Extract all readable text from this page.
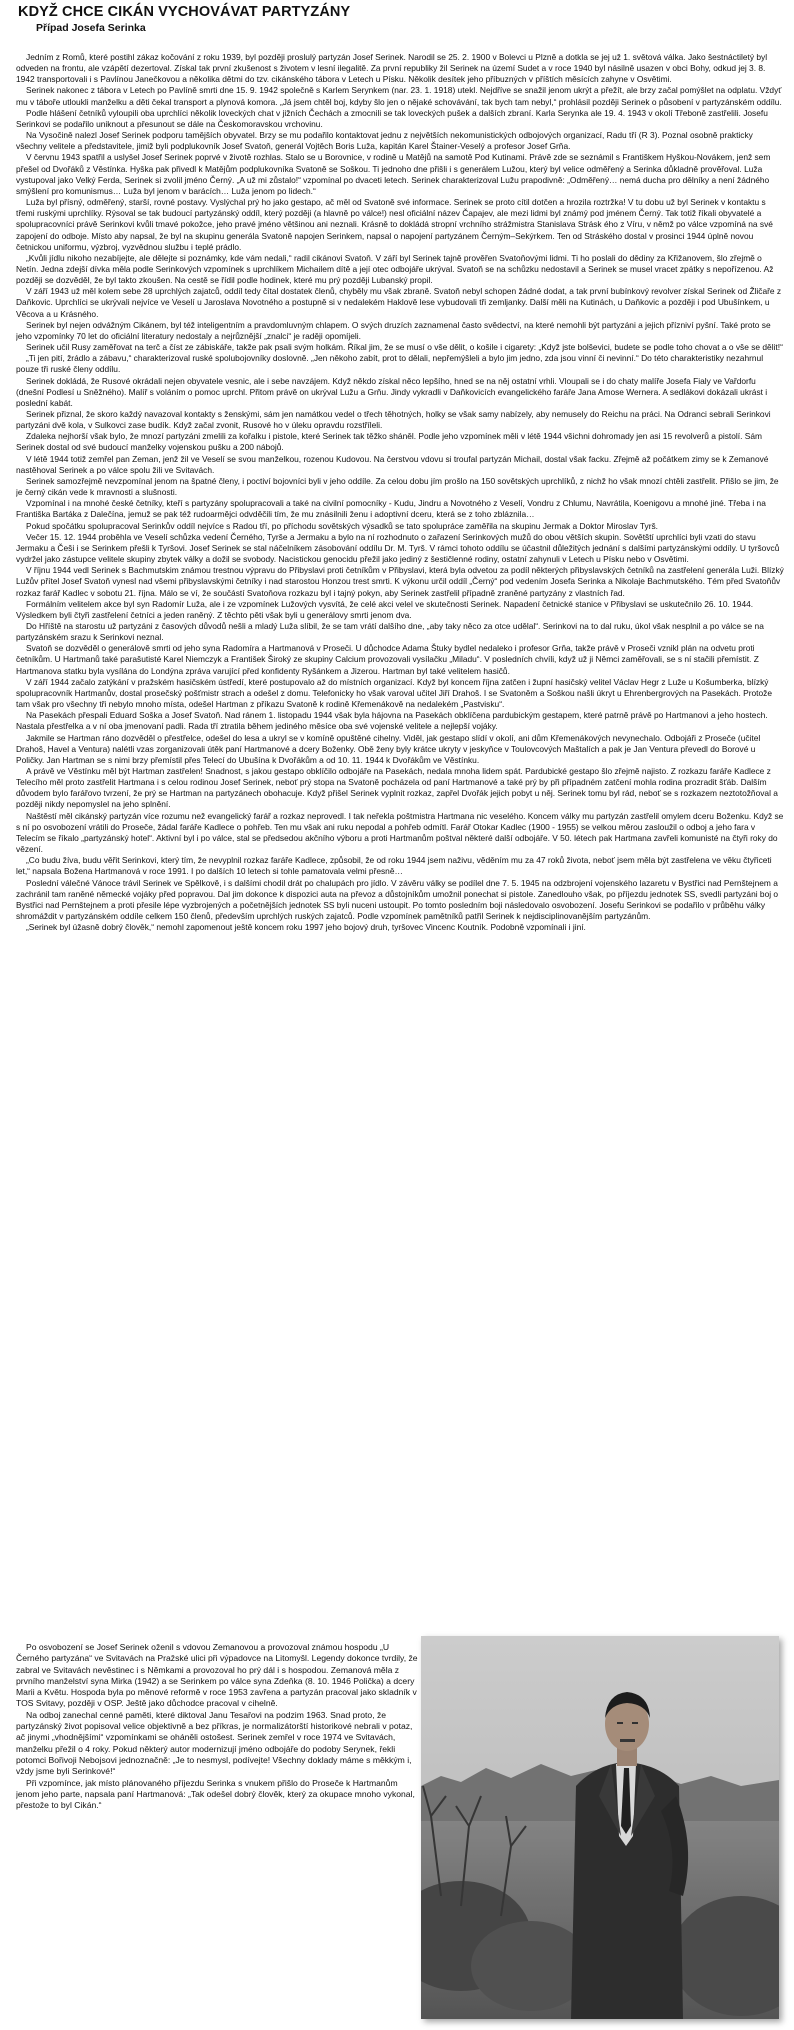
KDYŽ CHCE CIKÁN VYCHOVÁVAT PARTYZÁNY
Případ Josefa Serinka

Jedním z Romů, které postihl zákaz kočování z roku 1939, byl později proslulý partyzán Josef Serinek. Narodil se 25. 2. 1900 v Bolevci u Plzně a dotkla se jej už 1. světová válka. Jako šestnáctiletý byl odveden na frontu, ale vzápětí dezertoval. Získal tak první zkušenost s životem v lesní ilegalitě. Za první republiky žil Serinek na území Sudet a v roce 1940 byl násilně usazen v obci Bohy, odkud jej 3. 8. 1942 transportovali i s Pavlínou Janečkovou a několika dětmi do tzv. cikánského tábora v Letech u Písku. Několik desítek jeho příbuzných v příštích měsících zahyne v Osvětimi.

Serinek nakonec z tábora v Letech po Pavlíně smrti dne 15. 9. 1942 společně s Karlem Serynkem (nar. 23. 1. 1918) utekl. Nejdříve se snažil jenom ukrýt a přežít, ale brzy začal pomýšlet na odplatu. Vždyť mu v táboře utloukli manželku a děti čekal transport a plynová komora. „Já jsem chtěl boj, kdyby šlo jen o nějaké schovávání, tak bych tam nebyl,“ prohlásil později Serinek o působení v partyzánském oddílu.

Podle hlášení četníků vyloupili oba uprchlíci několik loveckých chat v jižních Čechách a zmocnili se tak loveckých pušek a dalších zbraní. Karla Serynka ale 19. 4. 1943 v okolí Třeboně zastřelili. Josefu Serinkovi se podařilo uniknout a přesunout se dále na Českomoravskou vrchovinu.

Na Vysočině nalezl Josef Serinek podporu tamějších obyvatel. Brzy se mu podařilo kontaktovat jednu z největších nekomunistických odbojových organizací, Radu tří (R 3). Poznal osobně prakticky všechny velitele a představitele, jimiž byli podplukovník Josef Svatoň, generál Vojtěch Boris Luža, kapitán Karel Štainer-Veselý a profesor Josef Grňa.

V červnu 1943 spatřil a uslyšel Josef Serinek poprvé v životě rozhlas. Stalo se u Borovnice, v rodině u Matějů na samotě Pod Kutinami. Právě zde se seznámil s Františkem Hyškou-Novákem, jenž sem přešel od Dvořáků z Věstínka. Hyška pak přivedl k Matějům podplukovníka Svatoně se Soškou. Ti jednoho dne přišli i s generálem Lužou, který byl velice odměřený a Serinka důkladně prověřoval. Luža vystupoval jako Velký Ferda, Serinek si zvolil jméno Černý. „A už mi zůstalo!“ vzpomínal po dvaceti letech. Serinek charakterizoval Lužu prapodivně: „Odměřený… nemá ducha pro dělníky a není žádného smýšlení pro komunismus… Luža byl jenom v barácích… Luža jenom po lidech.“

Luža byl přísný, odměřený, starší, rovné postavy. Vyslýchal prý ho jako gestapo, ač měl od Svatoně své informace. Serinek se proto cítil dotčen a hrozila roztržka! V tu dobu už byl Serinek v kontaktu s třemi ruskými uprchlíky. Rýsoval se tak budoucí partyzánský oddíl, který později (a hlavně po válce!) nesl oficiální název Čapajev, ale mezi lidmi byl známý pod jménem Černý. Tak totiž říkali obyvatelé a spolupracovníci právě Serinkovi kvůli tmavé pokožce, jeho pravé jméno většinou ani neznali. Krásně to dokládá stropní vrchního strážmistra Stanislava Strásk ého z Víru, v němž po válce vzpomíná na své zapojení do odboje. Místo aby napsal, že byl na skupinu generála Svatoně napojen Serinkem, napsal o napojení partyzánem Černým–Sekýrkem. Ten od Stráského dostal v prosinci 1944 úplně novou četnickou uniformu, výzbroj, vyzvědnou službu i teplé prádlo.

„Kvůli jídlu nikoho nezabíjejte, ale dělejte si poznámky, kde vám nedali,“ radil cikánovi Svatoň. V září byl Serinek tajně prověřen Svatoňovými lidmi. Ti ho poslali do dědiny za Křižanovem, šlo zřejmě o Netín. Jedna zdejší dívka měla podle Serinkových vzpomínek s uprchlíkem Michailem dítě a její otec odbojáře ukrýval. Svatoň se na schůzku nedostavil a Serinek se musel vracet zpátky s nepořízenou. Až později se dozvěděl, že byl takto zkoušen. Na cestě se řídil podle hodinek, které mu prý později Lubanský propil.

V září 1943 už měl kolem sebe 28 uprchlých zajatců, oddíl tedy čítal dostatek členů, chyběly mu však zbraně. Svatoň nebyl schopen žádné dodat, a tak první bubínkový revolver získal Serinek od Žličaře z Daňkovic. Uprchlíci se ukrývali nejvíce ve Veselí u Jaroslava Novotného a postupně si v nedalekém Haklově lese vybudovali tři zemljanky. Další měli na Kutinách, u Daňkovic a později i pod Ubušínkem, u Věcova a u Krásného.

Serinek byl nejen odvážným Cikánem, byl též inteligentním a pravdomluvným chlapem. O svých druzích zaznamenal často svědectví, na které nemohli být partyzáni a jejich přízniví pyšní. Také proto se jeho vzpomínky 70 let do oficiální literatury nedostaly a nejrůznější „znalci“ je raději opomíjeli.

Serinek učil Rusy zaměřovat na terč a číst ze zábiskáře, takže pak psali svým holkám. Říkal jim, že se musí o vše dělit, o košile i cigarety: „Když jste bolševici, budete se podle toho chovat a o vše se dělit!“

„Ti jen pití, žrádlo a zábavu,“ charakterizoval ruské spolubojovníky doslovně. „Jen někoho zabít, prot to dělali, nepřemýšleli a bylo jim jedno, zda jsou vinní či nevinní.“ Do této charakteristiky nezahrnul pouze tři ruské členy oddílu.

Serinek dokládá, že Rusové okrádali nejen obyvatele vesnic, ale i sebe navzájem. Když někdo získal něco lepšího, hned se na něj ostatní vrhli. Vloupali se i do chaty malíře Josefa Fialy ve Vařdorfu (dnešní Podlesí u Sněžného). Malíř s voláním o pomoc uprchl. Přitom právě on ukrýval Lužu a Grňu. Jindy vykradli v Daňkovicích evangelického faráře Jana Amose Wernera. A sedlákovi dokázali ukrást i poslední kabát.

Serinek přiznal, že skoro každý navazoval kontakty s ženskými, sám jen namátkou vedel o třech těhotných, holky se však samy nabízely, aby nemusely do Reichu na práci. Na Odranci sebrali Serinkovi partyzáni dvě kola, v Sulkovci zase budík. Když začal zvonit, Rusové ho v úleku opravdu rozstříleli.

Zdaleka nejhorší však bylo, že mnozí partyzáni zmelili za kořalku i pistole, které Serinek tak těžko sháněl. Podle jeho vzpomínek měli v létě 1944 všichni dohromady jen asi 15 revolverů a pistolí. Sám Serinek dostal od své budoucí manželky vojenskou pušku a 200 nábojů.

V létě 1944 totiž zemřel pan Zeman, jenž žil ve Veselí se svou manželkou, rozenou Kudovou. Na čerstvou vdovu si troufal partyzán Michail, dostal však facku. Zřejmě až počátkem zimy se k Zemanové nastěhoval Serinek a po válce spolu žili ve Svitavách.

Serinek samozřejmě nevzpomínal jenom na špatné členy, i poctiví bojovníci byli v jeho oddíle. Za celou dobu jím prošlo na 150 sovětských uprchlíků, z nichž ho však mnozí chtěli zastřelit. Přišlo se jim, že je černý cikán vede k mravnosti a slušnosti.

Vzpomínal i na mnohé české četníky, kteří s partyzány spolupracovali a také na civilní pomocníky - Kudu, Jindru a Novotného z Veselí, Vondru z Chlumu, Navrátila, Koenigovu a mnohé jiné. Třeba i na Františka Bartáka z Dalečína, jemuž se pak též rudoarmějci odvděčili tím, že mu znásilnili ženu i adoptivní dceru, která se z toho zbláznila…

Pokud spočátku spolupracoval Serinkův oddíl nejvíce s Radou tří, po příchodu sovětských výsadků se tato spolupráce zaměřila na skupinu Jermak a Doktor Miroslav Tyrš.

Večer 15. 12. 1944 proběhla ve Veselí schůzka vedení Černého, Tyrše a Jermaku a bylo na ní rozhodnuto o zařazení Serinkových mužů do obou větších skupin. Sovětští uprchlíci byli vzati do stavu Jermaku a Češi i se Serinkem přešli k Tyršovi. Josef Serinek se stal náčelníkem zásobování oddílu Dr. M. Tyrš. V rámci tohoto oddílu se účastnil důležitých jednání s dalšími partyzánskými oddíly. U tyršovců vydržel jako zástupce velitele skupiny zbytek války a dožil se svobody. Nacistickou genocidu přežil jako jediný z šestičlenné rodiny, ostatní zahynuli v Letech u Písku nebo v Osvětimi.

V říjnu 1944 vedl Serinek s Bachmutskim známou trestnou výpravu do Přibyslavi proti četníkům v Přibyslavi, která byla odvetou za podíl některých přibyslavských četníků na zastřelení generála Luži. Blízký Lužův přítel Josef Svatoň vynesl nad všemi přibyslavskými četníky i nad starostou Honzou trest smrti. K výkonu určil oddíl „Černý“ pod vedením Josefa Serinka a Nikolaje Bachmutského. Tém před Svatoňův rozkaz farář Kadlec v sobotu 21. října. Málo se ví, že součástí Svatoňova rozkazu byl i tajný pokyn, aby Serinek zastřelil případně zraněné partyzány z vlastních řad.

Formálním velitelem akce byl syn Radomír Luža, ale i ze vzpomínek Lužových vysvítá, že celé akci velel ve skutečnosti Serinek. Napadení četnické stanice v Přibyslavi se uskutečnilo 26. 10. 1944. Výsledkem byli čtyři zastřelení četníci a jeden raněný. Z těchto pěti však byli u generálovy smrti jenom dva.

Do Hříště na starostu už partyzáni z časových důvodů nešli a mladý Luža slíbil, že se tam vrátí dalšího dne, „aby taky něco za otce udělal“. Serinkovi na to dal ruku, úkol však nesplnil a po válce se na partyzánském srazu k Serinkovi neznal.

Svatoň se dozvěděl o generálově smrti od jeho syna Radomíra a Hartmanová v Proseči. U důchodce Adama Štuky bydlel nedaleko i profesor Grňa, takže právě v Proseči vznikl plán na odvetu proti četníkům. U Hartmanů také parašutisté Karel Niemczyk a František Široký ze skupiny Calcium provozovali vysílačku „Miladu“. V posledních chvíli, když už ji Němci zaměřovali, se s ní stačili přemístit. Z Hartmanova statku byla vysílána do Londýna zpráva varující před konfidenty Ryšánkem a Jizerou. Hartman byl také velitelem hasičů.

V září 1944 začalo zatýkání v pražském hasičském ústředí, které postupovalo až do místních organizací. Když byl koncem října zatčen i župní hasičský velitel Václav Hegr z Luže u Košumberka, blízký spolupracovník Hartmanův, dostal prosečský pošťmistr strach a odešel z domu. Telefonicky ho však varoval učitel Jiří Drahoš. I se Svatoněm a Soškou našli úkryt u Ehrenbergrových na Pasekách. Protože tam však pro všechny tři nebylo mnoho místa, odešel Hartman z příkazu Svatoně k rodině Křemenákově na nedalekém „Pastvisku“.

Na Pasekách přespali Eduard Soška a Josef Svatoň. Nad ránem 1. listopadu 1944 však byla hájovna na Pasekách obklíčena pardubickým gestapem, které patrně právě po Hartmanovi a jeho hostech. Nastala přestřelka a v ní oba jmenovaní padli. Rada tří ztratila během jediného měsíce oba své vojenské velitele a nejlepší vojáky.

Jakmile se Hartman ráno dozvěděl o přestřelce, odešel do lesa a ukryl se v komíně opuštěné cihelny. Viděl, jak gestapo slídí v okolí, ani dům Křemenákových nevynechalo. Odbojáři z Proseče (učitel Drahoš, Havel a Ventura) nalétli vzas zorganizovali útěk paní Hartmanové a dcery Boženky. Obě ženy byly krátce ukryty v jeskyňce v Toulovcových Maštalích a pak je Jan Ventura převedl do Borové u Poličky. Jan Hartman se s nimi brzy přemístil přes Telecí do Ubušína k Dvořákům a od 10. 11. 1944 k Dvořákům ve Věstínku.

A právě ve Věstínku měl být Hartman zastřelen! Snadnost, s jakou gestapo obklíčilo odbojáře na Pasekách, nedala mnoha lidem spát. Pardubické gestapo šlo zřejmě najisto. Z rozkazu faráře Kadlece z Telecího měl proto zastřelit Hartmana i s celou rodinou Josef Serinek, neboť prý stopa na Svatoně pocházela od paní Hartmanové a také prý by při případném zatčení mohla rodina prozradit šťáb. Dalším důvodem bylo farářovo tvrzení, že prý se Hartman na partyzánech obohacuje. Když přišel Serinek vyplnit rozkaz, zapřel Dvořák jejich pobyt u něj. Serinek tomu byl rád, neboť se s rozkazem neztotožňoval a později nikdy nepomyslel na jeho splnění.

Naštěstí měl cikánský partyzán více rozumu než evangelický farář a rozkaz neprovedl. I tak neřekla poštmistra Hartmana nic veselého. Koncem války mu partyzán zastřelil omylem dceru Boženku. Když se s ní po osvobození vrátili do Proseče, žádal faráře Kadlece o pohřeb. Ten mu však ani ruku nepodal a pohřeb odmítl. Farář Otokar Kadlec (1900 - 1955) se velkou měrou zasloužil o odboj a jeho fara v Telecím se říkalo „partyzánský hotel“. Aktivní byl i po válce, stal se předsedou akčního výboru a proti Hartmanům poštval některé další odbojáře. V 50. létech pak Hartmana zavřeli komunisté na čtyři roky do vězení.

„Co budu žíva, budu věřit Serinkovi, který tím, že nevyplnil rozkaz faráře Kadlece, způsobil, že od roku 1944 jsem naživu, věděním mu za 47 roků života, neboť jsem měla být zastřelena ve věku čtyřiceti let,“ napsala Božena Hartmanová v roce 1991. I po dalších 10 letech si tohle pamatovala velmi přesně…

Poslední válečné Vánoce trávil Serinek ve Spělkově, i s dalšími chodil drát po chalupách pro jídlo. V závěru války se podílel dne 7. 5. 1945 na odzbrojení vojenského lazaretu v Bystřici nad Pernštejnem a zachránil tam raněné německé vojáky před popravou. Dal jim dokonce k dispozici auta na převoz a důstojníkům umožnil ponechat si pistole. Zanedlouho však, po příjezdu jednotek SS, svedli partyzáni boj o Bystřici nad Pernštejnem a proti přesile lépe vyzbrojených a početnějších jednotek SS byli nuceni ustoupit. Po tomto posledním boji následovalo osvobození. Josefu Serinkovi se podařilo v průběhu války shromáždit v partyzánském oddíle celkem 150 členů, především uprchlých ruských zajatců. Podle vzpomínek pamětníků patřil Serinek k nejdisciplinovanějším partyzánům.

„Serinek byl úžasně dobrý člověk,“ nemohl zapomenout ještě koncem roku 1997 jeho bojový druh, tyršovec Vincenc Koutník. Podobně vzpomínali i jiní.

Po osvobození se Josef Serinek oženil s vdovou Zemanovou a provozoval známou hospodu „U Černého partyzána“ ve Svitavách na Pražské ulici při výpadovce na Litomyšl. Legendy dokonce tvrdily, že zabral ve Svitavách nevěstinec i s Němkami a provozoval ho prý dál i s hospodou. Zemanová měla z prvního manželství syna Mirka (1942) a se Serinkem po válce syna Zdeňka (8. 10. 1946 Polička) a dcery Marii a Květu. Hospoda byla po měnové reformě v roce 1953 zavřena a partyzán pracoval jako skladník v TOS Svitavy, později v OSP. Ještě jako důchodce pracoval v cihelně.

Na odboj zanechal cenné paměti, které diktoval Janu Tesařovi na podzim 1963. Snad proto, že partyzánský život popisoval velice objektivně a bez příkras, je normalizátorští historikové nebrali v potaz, ač jinymi „vhodnějšími“ vzpomínkami se oháněli ostošest. Serinek zemřel v roce 1974 ve Svitavách, manželku přežil o 4 roky. Pokud některý autor modernizují jméno odbojáře do podoby Serynek, řekli potomci Bořivoji Nebojsovi jednoznačně: „Je to nesmysl, podívejte! Všechny doklady máme s měkkým i, vždy jsme byli Serinkové!“

Při vzpomínce, jak místo plánovaného příjezdu Serinka s vnukem přišlo do Proseče k Hartmanům jenom jeho parte, napsala paní Hartmanová: „Tak odešel dobrý člověk, který za okupace mnoho vykonal, přestože to byl Cikán.“
